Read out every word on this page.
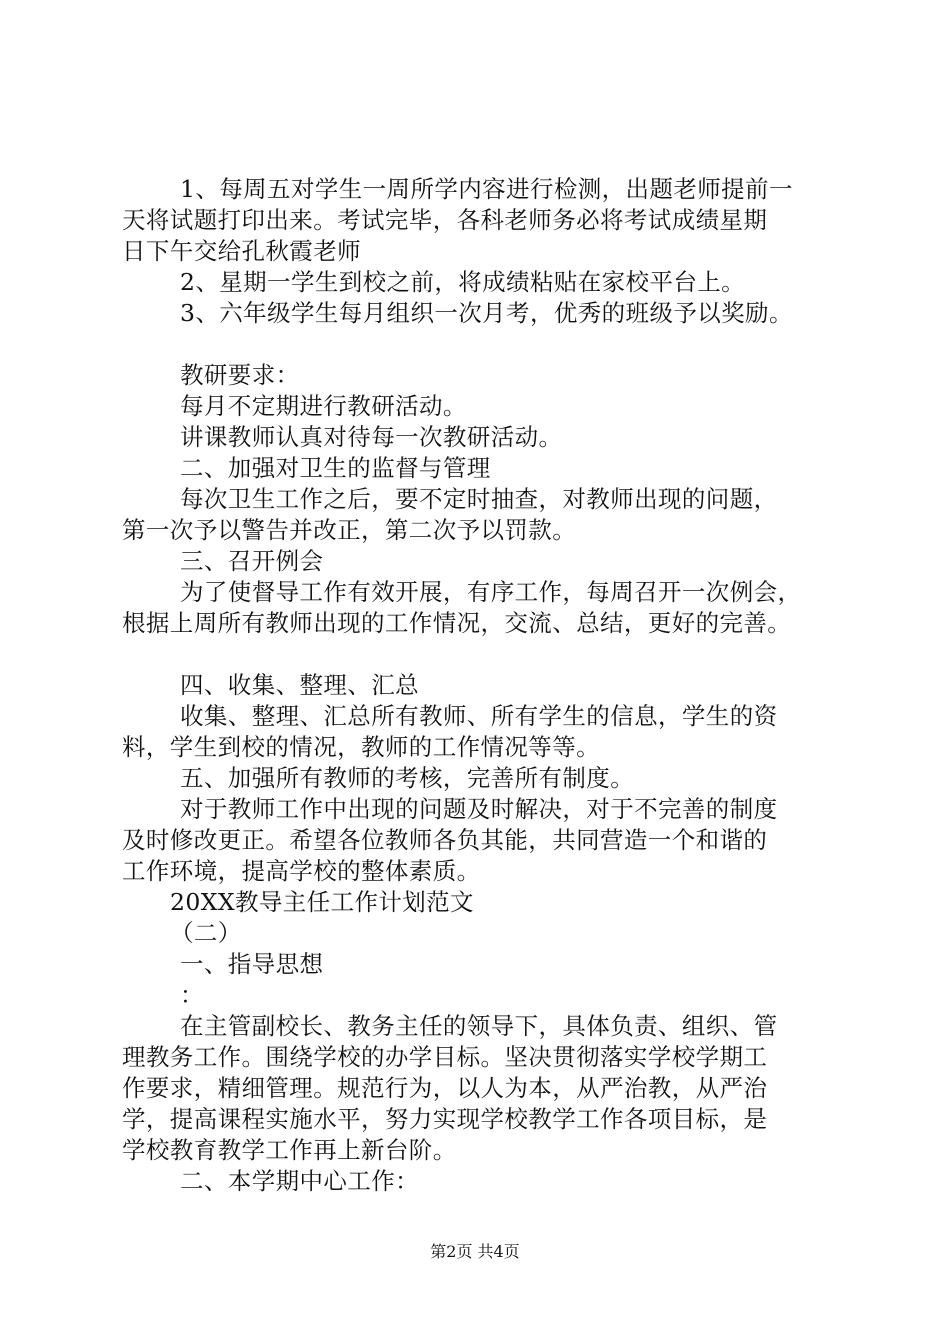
1、每周五对学生一周所学内容进行检测，出题老师提前一
天将试题打印出来。考试完毕，各科老师务必将考试成绩星期
日下午交给孔秋霞老师
2、星期一学生到校之前，将成绩粘贴在家校平台上。
3、六年级学生每月组织一次月考，优秀的班级予以奖励。
教研要求：
每月不定期进行教研活动。
讲课教师认真对待每一次教研活动。
二、加强对卫生的监督与管理
每次卫生工作之后，要不定时抽查，对教师出现的问题，
第一次予以警告并改正，第二次予以罚款。
三、召开例会
为了使督导工作有效开展，有序工作，每周召开一次例会，
根据上周所有教师出现的工作情况，交流、总结，更好的完善。
四、收集、整理、汇总
收集、整理、汇总所有教师、所有学生的信息，学生的资
料，学生到校的情况，教师的工作情况等等。
五、加强所有教师的考核，完善所有制度。
对于教师工作中出现的问题及时解决，对于不完善的制度
及时修改更正。希望各位教师各负其能，共同营造一个和谐的
工作环境，提高学校的整体素质。
20XX教导主任工作计划范文
（二）
一、指导思想
：
在主管副校长、教务主任的领导下，具体负责、组织、管
理教务工作。围绕学校的办学目标。坚决贯彻落实学校学期工
作要求，精细管理。规范行为，以人为本，从严治教，从严治
学，提高课程实施水平，努力实现学校教学工作各项目标，是
学校教育教学工作再上新台阶。
二、本学期中心工作：
第2页 共4页
